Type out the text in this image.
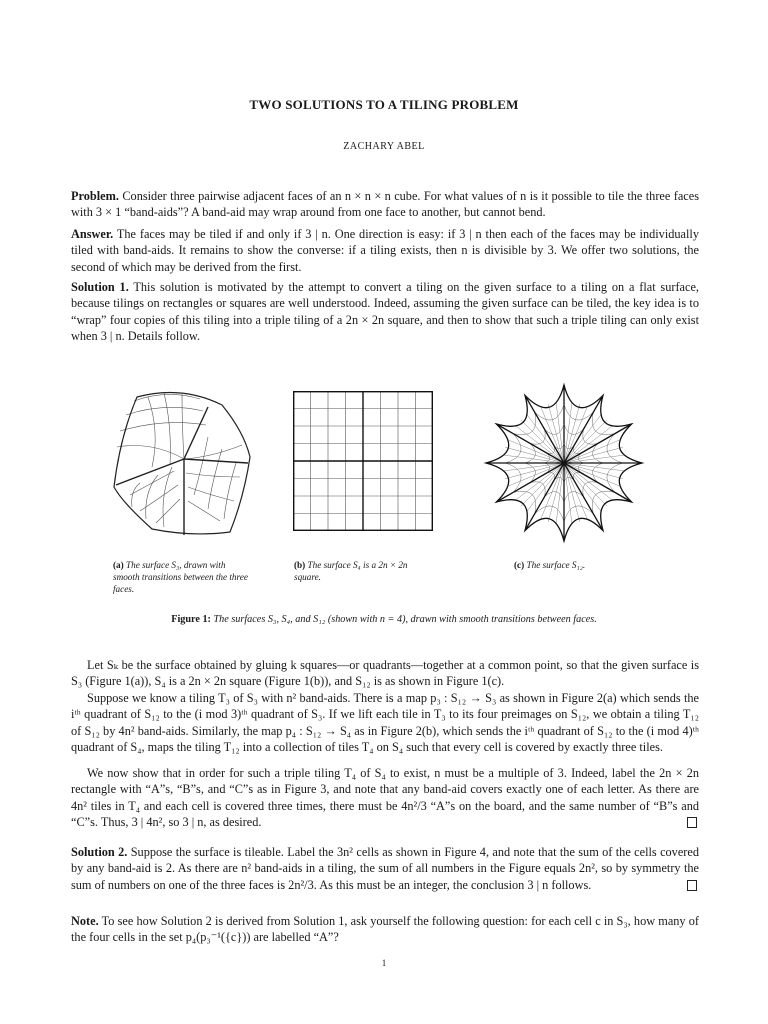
TWO SOLUTIONS TO A TILING PROBLEM
ZACHARY ABEL
Problem. Consider three pairwise adjacent faces of an n × n × n cube. For what values of n is it possible to tile the three faces with 3 × 1 “band-aids”? A band-aid may wrap around from one face to another, but cannot bend.
Answer. The faces may be tiled if and only if 3 | n. One direction is easy: if 3 | n then each of the faces may be individually tiled with band-aids. It remains to show the converse: if a tiling exists, then n is divisible by 3. We offer two solutions, the second of which may be derived from the first.
Solution 1. This solution is motivated by the attempt to convert a tiling on the given surface to a tiling on a flat surface, because tilings on rectangles or squares are well understood. Indeed, assuming the given surface can be tiled, the key idea is to “wrap” four copies of this tiling into a triple tiling of a 2n × 2n square, and then to show that such a triple tiling can only exist when 3 | n. Details follow.
(a) The surface S₃, drawn with smooth transitions between the three faces.
(b) The surface S₄ is a 2n × 2n square.
(c) The surface S₁₂.
Figure 1: The surfaces S₃, S₄, and S₁₂ (shown with n = 4), drawn with smooth transitions between faces.
Let Sₖ be the surface obtained by gluing k squares—or quadrants—together at a common point, so that the given surface is S₃ (Figure 1(a)), S₄ is a 2n × 2n square (Figure 1(b)), and S₁₂ is as shown in Figure 1(c).
Suppose we know a tiling T₃ of S₃ with n² band-aids. There is a map p₃ : S₁₂ → S₃ as shown in Figure 2(a) which sends the iᵗʰ quadrant of S₁₂ to the (i mod 3)ᵗʰ quadrant of S₃. If we lift each tile in T₃ to its four preimages on S₁₂, we obtain a tiling T₁₂ of S₁₂ by 4n² band-aids. Similarly, the map p₄ : S₁₂ → S₄ as in Figure 2(b), which sends the iᵗʰ quadrant of S₁₂ to the (i mod 4)ᵗʰ quadrant of S₄, maps the tiling T₁₂ into a collection of tiles T₄ on S₄ such that every cell is covered by exactly three tiles.
We now show that in order for such a triple tiling T₄ of S₄ to exist, n must be a multiple of 3. Indeed, label the 2n × 2n rectangle with “A”s, “B”s, and “C”s as in Figure 3, and note that any band-aid covers exactly one of each letter. As there are 4n² tiles in T₄ and each cell is covered three times, there must be 4n²/3 “A”s on the board, and the same number of “B”s and “C”s. Thus, 3 | 4n², so 3 | n, as desired.
Solution 2. Suppose the surface is tileable. Label the 3n² cells as shown in Figure 4, and note that the sum of the cells covered by any band-aid is 2. As there are n² band-aids in a tiling, the sum of all numbers in the Figure equals 2n², so by symmetry the sum of numbers on one of the three faces is 2n²/3. As this must be an integer, the conclusion 3 | n follows.
Note. To see how Solution 2 is derived from Solution 1, ask yourself the following question: for each cell c in S₃, how many of the four cells in the set p₄(p₃⁻¹({c})) are labelled “A”?
1
